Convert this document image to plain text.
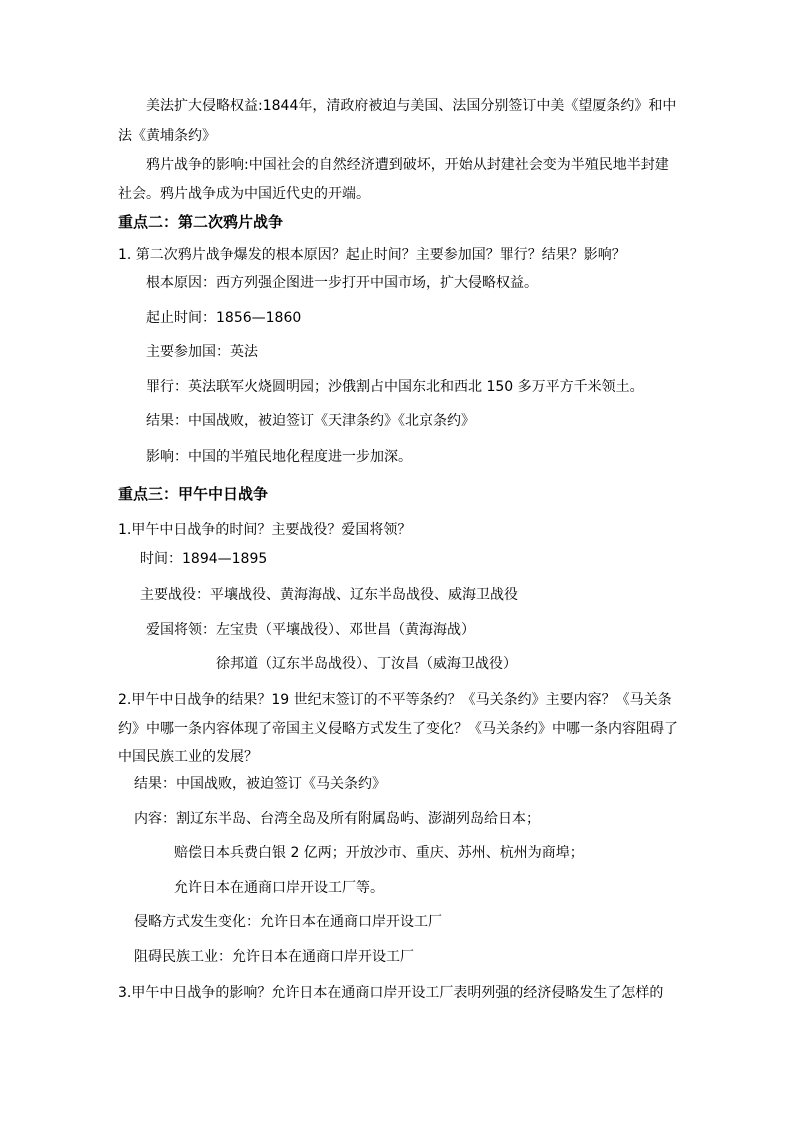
美法扩大侵略权益:1844年，清政府被迫与美国、法国分别签订中美《望厦条约》和中
法《黄埔条约》
鸦片战争的影响:中国社会的自然经济遭到破坏，开始从封建社会变为半殖民地半封建
社会。鸦片战争成为中国近代史的开端。
重点二：第二次鸦片战争
1. 第二次鸦片战争爆发的根本原因？起止时间？主要参加国？罪行？结果？影响？
根本原因：西方列强企图进一步打开中国市场，扩大侵略权益。
起止时间：1856—1860
主要参加国：英法
罪行：英法联军火烧圆明园；沙俄割占中国东北和西北 150 多万平方千米领土。
结果：中国战败，被迫签订《天津条约》《北京条约》
影响：中国的半殖民地化程度进一步加深。
重点三：甲午中日战争
1.甲午中日战争的时间？主要战役？爱国将领？
时间：1894—1895
主要战役：平壤战役、黄海海战、辽东半岛战役、威海卫战役
爱国将领：左宝贵（平壤战役）、邓世昌（黄海海战）
徐邦道（辽东半岛战役）、丁汝昌（威海卫战役）
2.甲午中日战争的结果？19 世纪末签订的不平等条约？《马关条约》主要内容？《马关条
约》中哪一条内容体现了帝国主义侵略方式发生了变化？《马关条约》中哪一条内容阻碍了
中国民族工业的发展？
结果：中国战败，被迫签订《马关条约》
内容：割辽东半岛、台湾全岛及所有附属岛屿、澎湖列岛给日本；
赔偿日本兵费白银 2 亿两；开放沙市、重庆、苏州、杭州为商埠；
允许日本在通商口岸开设工厂等。
侵略方式发生变化：允许日本在通商口岸开设工厂
阻碍民族工业：允许日本在通商口岸开设工厂
3.甲午中日战争的影响？允许日本在通商口岸开设工厂表明列强的经济侵略发生了怎样的
